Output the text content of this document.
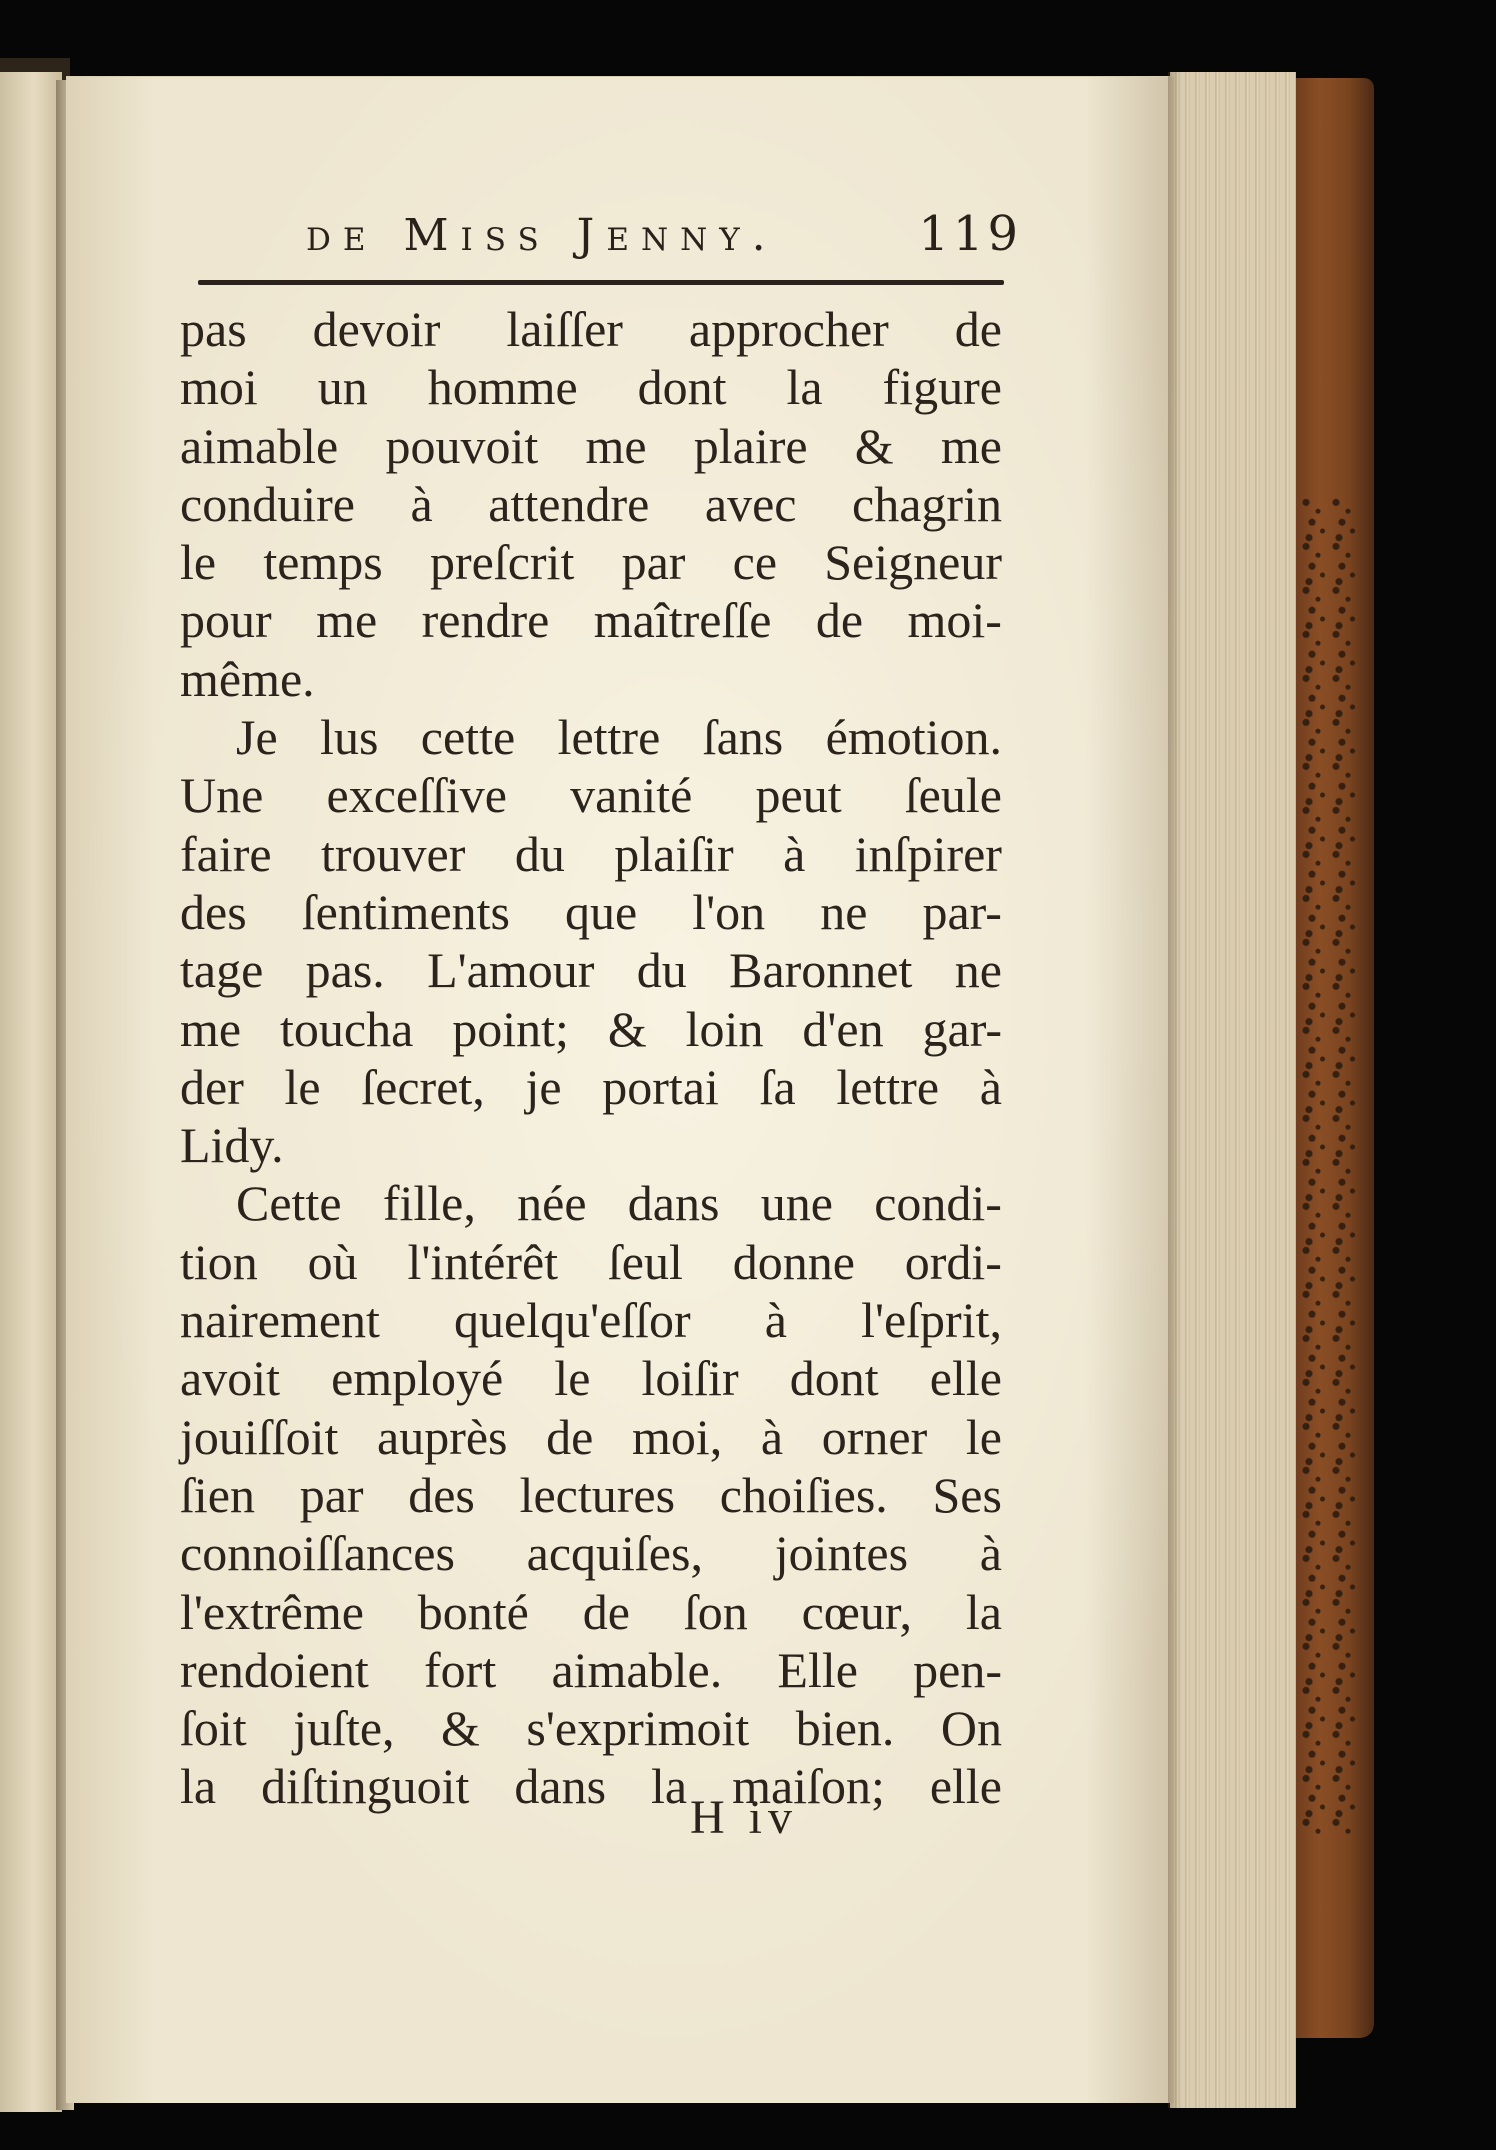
de Miss Jenny.	119
pas devoir laiſſer approcher de
moi un homme dont la figure
aimable pouvoit me plaire & me
conduire à attendre avec chagrin
le temps preſcrit par ce Seigneur
pour me rendre maîtreſſe de moi-
même.
Je lus cette lettre ſans émotion.
Une exceſſive vanité peut ſeule
faire trouver du plaiſir à inſpirer
des ſentiments que l'on ne par-
tage pas. L'amour du Baronnet ne
me toucha point; & loin d'en gar-
der le ſecret, je portai ſa lettre à
Lidy.
Cette fille, née dans une condi-
tion où l'intérêt ſeul donne ordi-
nairement quelqu'eſſor à l'eſprit,
avoit employé le loiſir dont elle
jouiſſoit auprès de moi, à orner le
ſien par des lectures choiſies. Ses
connoiſſances acquiſes, jointes à
l'extrême bonté de ſon cœur, la
rendoient fort aimable. Elle pen-
ſoit juſte, & s'exprimoit bien. On
la diſtinguoit dans la maiſon; elle
H iv
